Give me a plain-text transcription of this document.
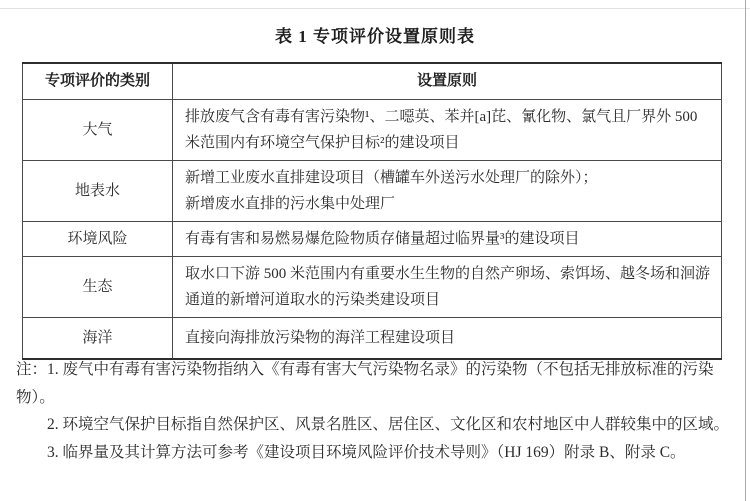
表 1 专项评价设置原则表
专项评价的类别	设置原则
大气	排放废气含有毒有害污染物¹、二噁英、苯并[a]芘、氰化物、氯气且厂界外 500 米范围内有环境空气保护目标²的建设项目
地表水	新增工业废水直排建设项目（槽罐车外送污水处理厂的除外）；
新增废水直排的污水集中处理厂
环境风险	有毒有害和易燃易爆危险物质存储量超过临界量³的建设项目
生态	取水口下游 500 米范围内有重要水生生物的自然产卵场、索饵场、越冬场和洄游通道的新增河道取水的污染类建设项目
海洋	直接向海排放污染物的海洋工程建设项目

注：1. 废气中有毒有害污染物指纳入《有毒有害大气污染物名录》的污染物（不包括无排放标准的污染物）。

2. 环境空气保护目标指自然保护区、风景名胜区、居住区、文化区和农村地区中人群较集中的区域。

3. 临界量及其计算方法可参考《建设项目环境风险评价技术导则》（HJ 169）附录 B、附录 C。
